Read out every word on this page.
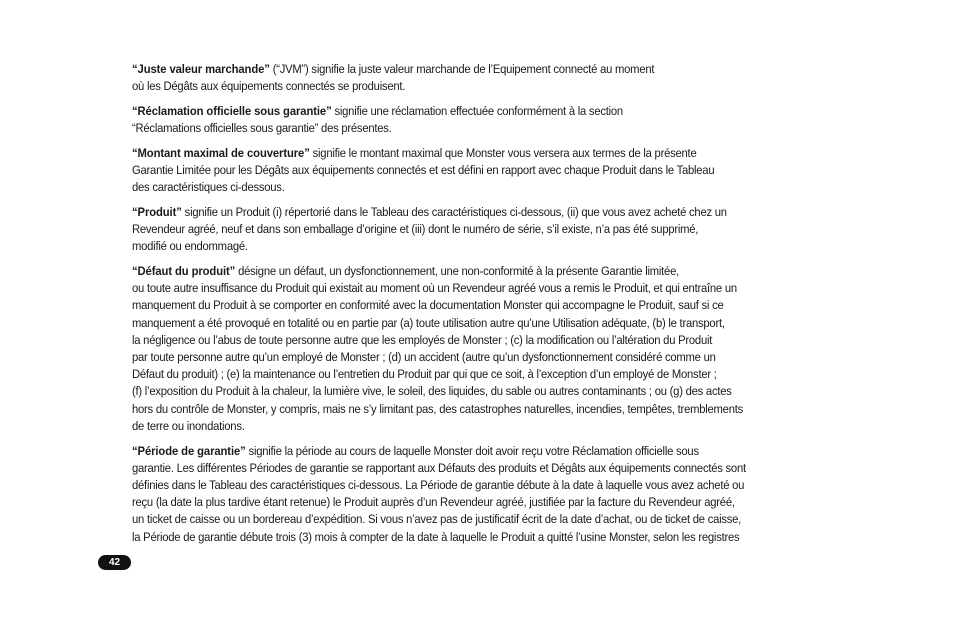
“Juste valeur marchande” (“JVM”) signifie la juste valeur marchande de l’Equipement connecté au moment
où les Dégâts aux équipements connectés se produisent.

“Réclamation officielle sous garantie” signifie une réclamation effectuée conformément à la section
“Réclamations officielles sous garantie” des présentes.

“Montant maximal de couverture” signifie le montant maximal que Monster vous versera aux termes de la présente
Garantie Limitée pour les Dégâts aux équipements connectés et est défini en rapport avec chaque Produit dans le Tableau
des caractéristiques ci-dessous.

“Produit” signifie un Produit (i) répertorié dans le Tableau des caractéristiques ci-dessous, (ii) que vous avez acheté chez un
Revendeur agréé, neuf et dans son emballage d’origine et (iii) dont le numéro de série, s’il existe, n’a pas été supprimé,
modifié ou endommagé.

“Défaut du produit” désigne un défaut, un dysfonctionnement, une non-conformité à la présente Garantie limitée,
ou toute autre insuffisance du Produit qui existait au moment où un Revendeur agréé vous a remis le Produit, et qui entraîne un
manquement du Produit à se comporter en conformité avec la documentation Monster qui accompagne le Produit, sauf si ce
manquement a été provoqué en totalité ou en partie par (a) toute utilisation autre qu’une Utilisation adéquate, (b) le transport,
la négligence ou l’abus de toute personne autre que les employés de Monster ; (c) la modification ou l’altération du Produit
par toute personne autre qu’un employé de Monster ; (d) un accident (autre qu’un dysfonctionnement considéré comme un
Défaut du produit) ; (e) la maintenance ou l’entretien du Produit par qui que ce soit, à l’exception d’un employé de Monster ;
(f) l’exposition du Produit à la chaleur, la lumière vive, le soleil, des liquides, du sable ou autres contaminants ; ou (g) des actes
hors du contrôle de Monster, y compris, mais ne s’y limitant pas, des catastrophes naturelles, incendies, tempêtes, tremblements
de terre ou inondations.

“Période de garantie” signifie la période au cours de laquelle Monster doit avoir reçu votre Réclamation officielle sous
garantie. Les différentes Périodes de garantie se rapportant aux Défauts des produits et Dégâts aux équipements connectés sont
définies dans le Tableau des caractéristiques ci-dessous. La Période de garantie débute à la date à laquelle vous avez acheté ou
reçu (la date la plus tardive étant retenue) le Produit auprès d’un Revendeur agréé, justifiée par la facture du Revendeur agréé,
un ticket de caisse ou un bordereau d’expédition. Si vous n’avez pas de justificatif écrit de la date d’achat, ou de ticket de caisse,
la Période de garantie débute trois (3) mois à compter de la date à laquelle le Produit a quitté l’usine Monster, selon les registres

42
